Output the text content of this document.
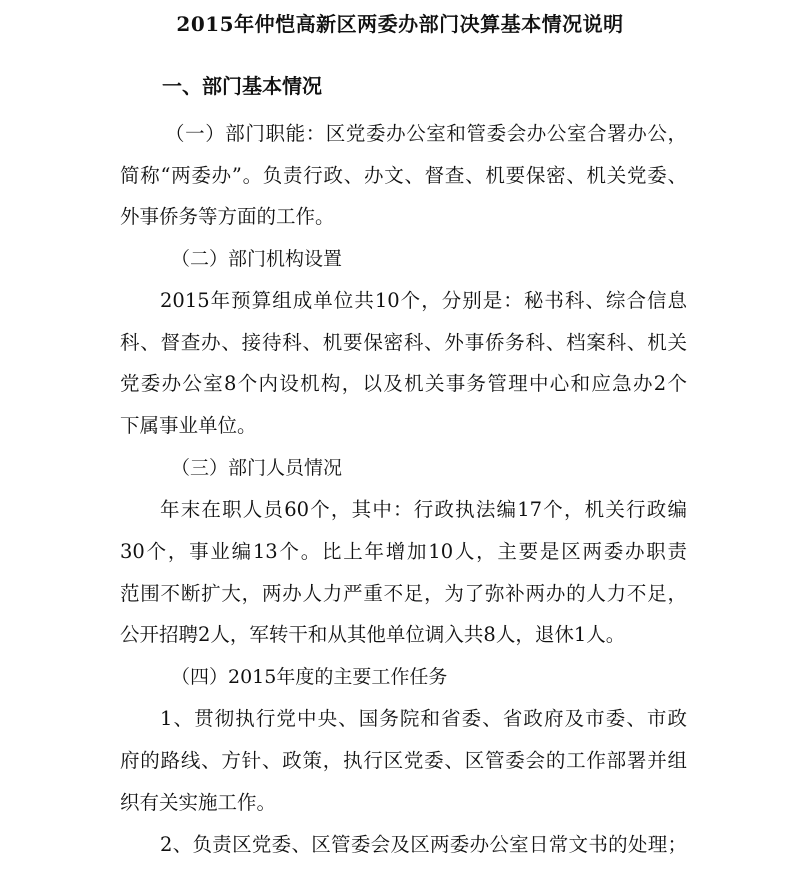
2015年仲恺高新区两委办部门决算基本情况说明
一、部门基本情况

（一）部门职能：区党委办公室和管委会办公室合署办公，

简称“两委办”。负责行政、办文、督查、机要保密、机关党委、

外事侨务等方面的工作。

（二）部门机构设置

2015年预算组成单位共10个，分别是：秘书科、综合信息

科、督查办、接待科、机要保密科、外事侨务科、档案科、机关

党委办公室8个内设机构，以及机关事务管理中心和应急办2个

下属事业单位。

（三）部门人员情况

年末在职人员60个，其中：行政执法编17个，机关行政编

30个，事业编13个。比上年增加10人，主要是区两委办职责

范围不断扩大，两办人力严重不足，为了弥补两办的人力不足，

公开招聘2人，军转干和从其他单位调入共8人，退休1人。

（四）2015年度的主要工作任务

1、贯彻执行党中央、国务院和省委、省政府及市委、市政

府的路线、方针、政策，执行区党委、区管委会的工作部署并组

织有关实施工作。

2、负责区党委、区管委会及区两委办公室日常文书的处理；
